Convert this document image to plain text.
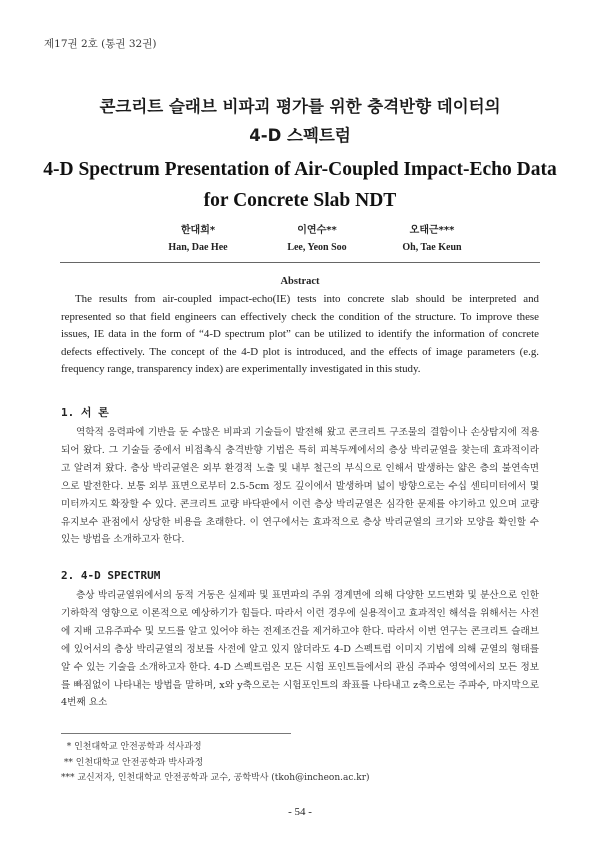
제17권 2호 (통권 32권)
콘크리트 슬래브 비파괴 평가를 위한 충격반향 데이터의
4-D 스펙트럼
4-D Spectrum Presentation of Air-Coupled Impact-Echo Data
for Concrete Slab NDT
한대희*
Han, Dae Hee
이연수**
Lee, Yeon Soo
오태근***
Oh, Tae Keun
Abstract
The results from air-coupled impact-echo(IE) tests into concrete slab should be interpreted and represented so that field engineers can effectively check the condition of the structure. To improve these issues, IE data in the form of “4-D spectrum plot” can be utilized to identify the information of concrete defects effectively. The concept of the 4-D plot is introduced, and the effects of image parameters (e.g. frequency range, transparency index) are experimentally investigated in this study.
1. 서 론
역학적 응력파에 기반을 둔 수많은 비파괴 기술들이 발전해 왔고 콘크리트 구조물의 결함이나 손상탐지에 적용되어 왔다. 그 기술들 중에서 비접촉식 충격반향 기법은 특히 피복두께에서의 층상 박리균열을 찾는데 효과적이라고 알려져 왔다. 층상 박리균열은 외부 환경적 노출 및 내부 철근의 부식으로 인해서 발생하는 얇은 층의 불연속면으로 발전한다. 보통 외부 표면으로부터 2.5-5cm 정도 깊이에서 발생하며 넓이 방향으로는 수십 센티미터에서 몇 미터까지도 확장할 수 있다. 콘크리트 교량 바닥판에서 이런 층상 박리균열은 심각한 문제를 야기하고 있으며 교량 유지보수 관점에서 상당한 비용을 초래한다. 이 연구에서는 효과적으로 층상 박리균열의 크기와 모양을 확인할 수 있는 방법을 소개하고자 한다.
2. 4-D SPECTRUM
층상 박리균열위에서의 동적 거동은 실제파 및 표면파의 주위 경계면에 의해 다양한 모드변화 및 분산으로 인한 기하학적 영향으로 이론적으로 예상하기가 힘들다. 따라서 이런 경우에 실용적이고 효과적인 해석을 위해서는 사전에 지배 고유주파수 및 모드를 알고 있어야 하는 전제조건을 제거하고야 한다. 따라서 이번 연구는 콘크리트 슬래브에 있어서의 층상 박리균열의 정보를 사전에 알고 있지 않더라도 4-D 스펙트럼 이미지 기법에 의해 균열의 형태를 알 수 있는 기술을 소개하고자 한다. 4-D 스펙트럼은 모든 시험 포인트들에서의 관심 주파수 영역에서의 모든 정보를 빠짐없이 나타내는 방법을 말하며, x와 y축으로는 시험포인트의 좌표를 나타내고 z축으로는 주파수, 마지막으로 4번째 요소
* 인천대학교 안전공학과 석사과정
** 인천대학교 안전공학과 박사과정
*** 교신저자, 인천대학교 안전공학과 교수, 공학박사 (tkoh@incheon.ac.kr)
- 54 -
